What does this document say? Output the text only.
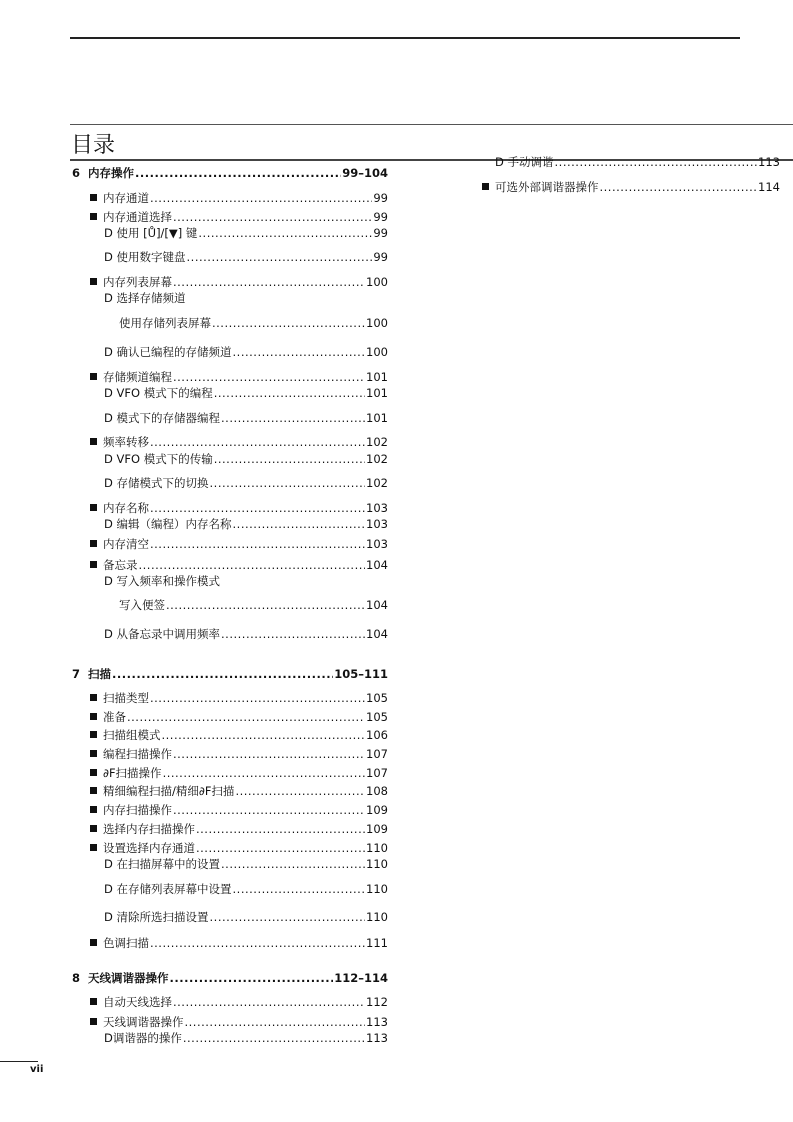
目录
6 内存操作 .....	99–104
内存通道 .....	99
内存通道选择 .....	99
D 使用 [Ů]/[▼] 键 .....	99
D 使用数字键盘 .....	99
内存列表屏幕 .....	100
D 选择存储频道
使用存储列表屏幕 .....	100
D 确认已编程的存储频道 .....	100
存储频道编程 .....	101
D VFO 模式下的编程 .....	101
D 模式下的存储器编程 .....	101
频率转移 .....	102
D VFO 模式下的传输 .....	102
D 存储模式下的切换 .....	102
内存名称 .....	103
D 编辑（编程）内存名称 .....	103
内存清空 .....	103
备忘录 .....	104
D 写入频率和操作模式
写入便签 .....	104
D 从备忘录中调用频率 .....	104
7 扫描 .....	105–111
扫描类型 .....	105
准备 .....	105
扫描组模式 .....	106
编程扫描操作 .....	107
∂F扫描操作 .....	107
精细编程扫描/精细∂F扫描 .....	108
内存扫描操作 .....	109
选择内存扫描操作 .....	109
设置选择内存通道 .....	110
D 在扫描屏幕中的设置 .....	110
D 在存储列表屏幕中设置 .....	110
D 清除所选扫描设置 .....	110
色调扫描 .....	111
8 天线调谐器操作 .....	112–114
自动天线选择 .....	112
天线调谐器操作 .....	113
D调谐器的操作 .....	113
D 手动调谐 .....	113
可选外部调谐器操作 .....	114
vii
